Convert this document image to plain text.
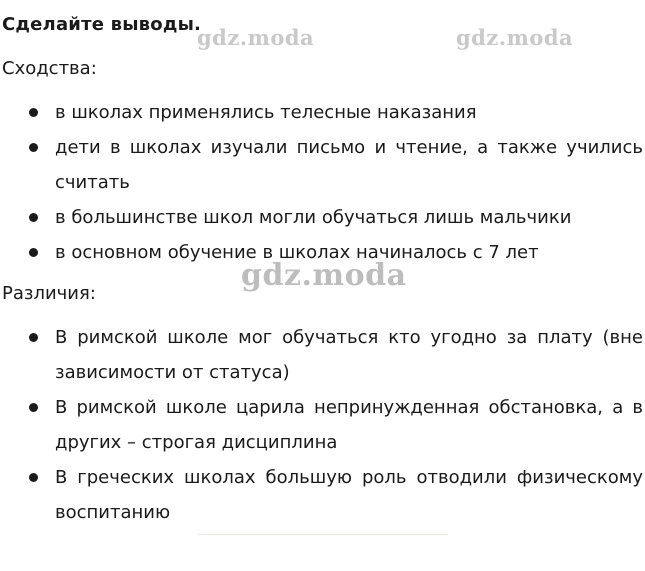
Сделайте выводы.
gdz.moda	gdz.moda
Сходства:
в школах применялись телесные наказания
дети в школах изучали письмо и чтение, а также учились считать
в большинстве школ могли обучаться лишь мальчики
в основном обучение в школах начиналось с 7 лет
gdz.moda
Различия:
В римской школе мог обучаться кто угодно за плату (вне зависимости от статуса)
В римской школе царила непринужденная обстановка, а в других – строгая дисциплина
В греческих школах большую роль отводили физическому воспитанию
